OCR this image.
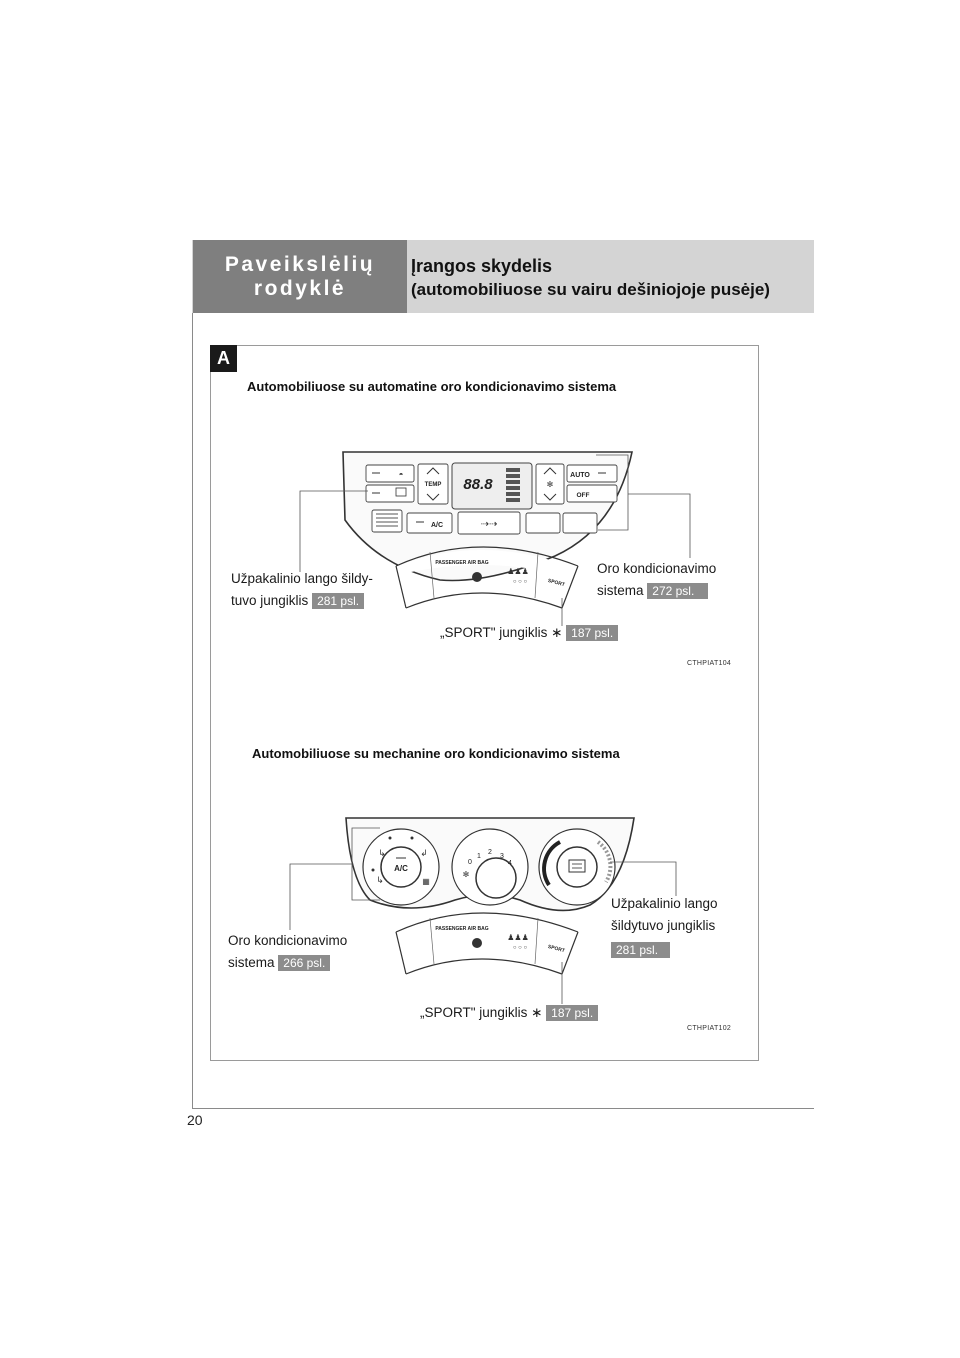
Paveikslėlių
rodyklė
Įrangos skydelis
(automobiliuose su vairu dešiniojoje pusėje)
A
Automobiliuose su automatine oro kondicionavimo sistema
◓
TEMP 88.8	✻
AUTO
OFF
A/C	⇢⇢
PASSENGER AIR BAG
♟♟♟
○ ○ ○	SPORT
Užpakalinio lango šildy-
tuvo jungiklis 281 psl.
Oro kondicionavimo
sistema 272 psl.
„SPORT" jungiklis ∗ 187 psl.
CTHPIAT104
Automobiliuose su mechanine oro kondicionavimo sistema
A/C
↳	↲
↳	▦
0
1
2
3
4
✻
PASSENGER AIR BAG
♟♟♟
○ ○ ○	SPORT
Oro kondicionavimo
sistema 266 psl.
Užpakalinio lango
šildytuvo jungiklis
281 psl.
„SPORT" jungiklis ∗ 187 psl.
CTHPIAT102
20
